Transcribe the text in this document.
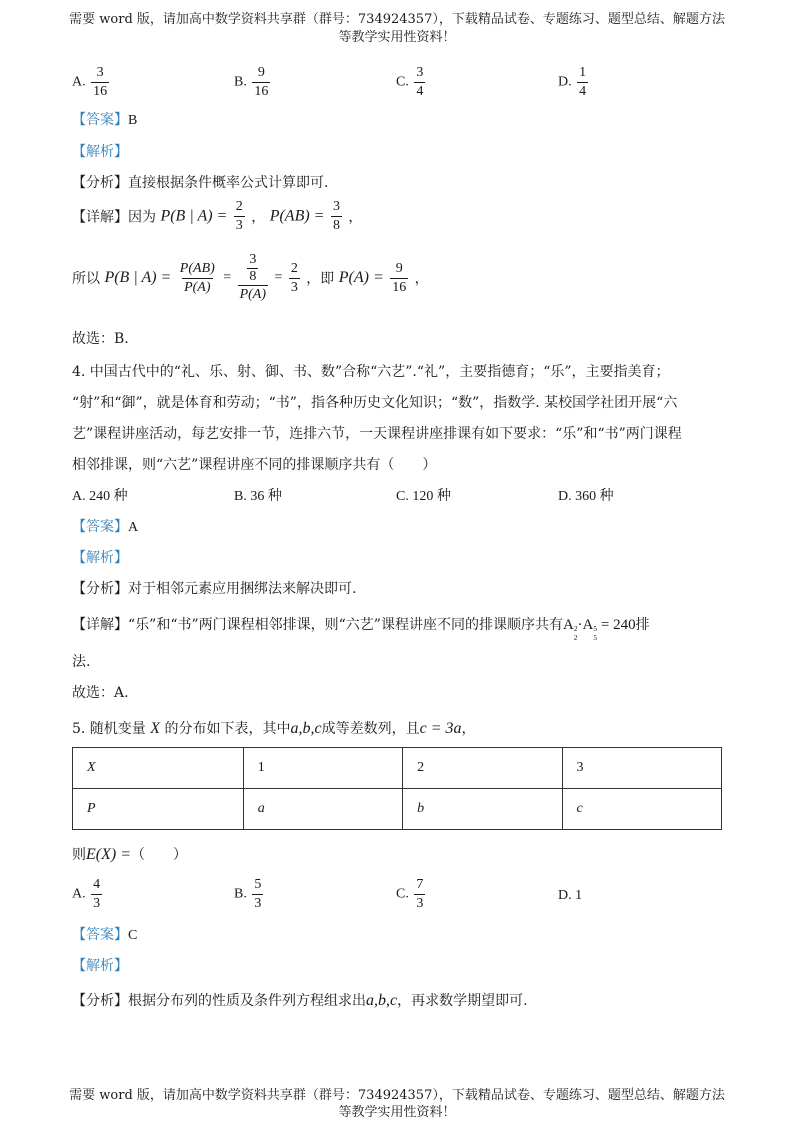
需要 word 版，请加高中数学资料共享群（群号：734924357），下载精品试卷、专题练习、题型总结、解题方法
等教学实用性资料！
A. $\frac{3}{16}$	B. $\frac{9}{16}$	C. $\frac{3}{4}$	D. $\frac{1}{4}$
【答案】B
【解析】
【分析】直接根据条件概率公式计算即可.
【详解】因为 P(B | $A) = \frac{2}{3}$ ， $P(AB) = \frac{3}{8}$ ，
所以 P(B | $A) = \frac{P(AB)}{P(A)} = 3$
8
$P(A) = \frac{2}{3}$ ，即 $P(A) = \frac{9}{16}$ ，
故选：B.
4. 中国古代中的“礼、乐、射、御、书、数”合称“六艺”.“礼”，主要指德育；“乐”，主要指美育；
“射”和“御”，就是体育和劳动；“书”，指各种历史文化知识；“数”，指数学. 某校国学社团开展“六
艺”课程讲座活动，每艺安排一节，连排六节，一天课程讲座排课有如下要求：“乐”和“书”两门课程
相邻排课，则“六艺”课程讲座不同的排课顺序共有（　　）
A. 240 种	B. 36 种	C. 120 种	D. 360 种
【答案】A
【解析】
【分析】对于相邻元素应用捆绑法来解决即可.
【详解】“乐”和“书”两门课程相邻排课，则“六艺”课程讲座不同的排课顺序共有A 2
2
·A 5
5
= 240排
法.
故选：A.
5. 随机变量 X 的分布如下表，其中a,b,c成等差数列，且c = 3a，
X	1	2	3
P	a	b	c
则E(X) =（　　）
A. $\frac{4}{3}$	B. $\frac{5}{3}$	C. $\frac{7}{3}$	D. 1
【答案】C
【解析】
【分析】根据分布列的性质及条件列方程组求出a,b,c，再求数学期望即可.
需要 word 版，请加高中数学资料共享群（群号：734924357），下载精品试卷、专题练习、题型总结、解题方法
等教学实用性资料！
